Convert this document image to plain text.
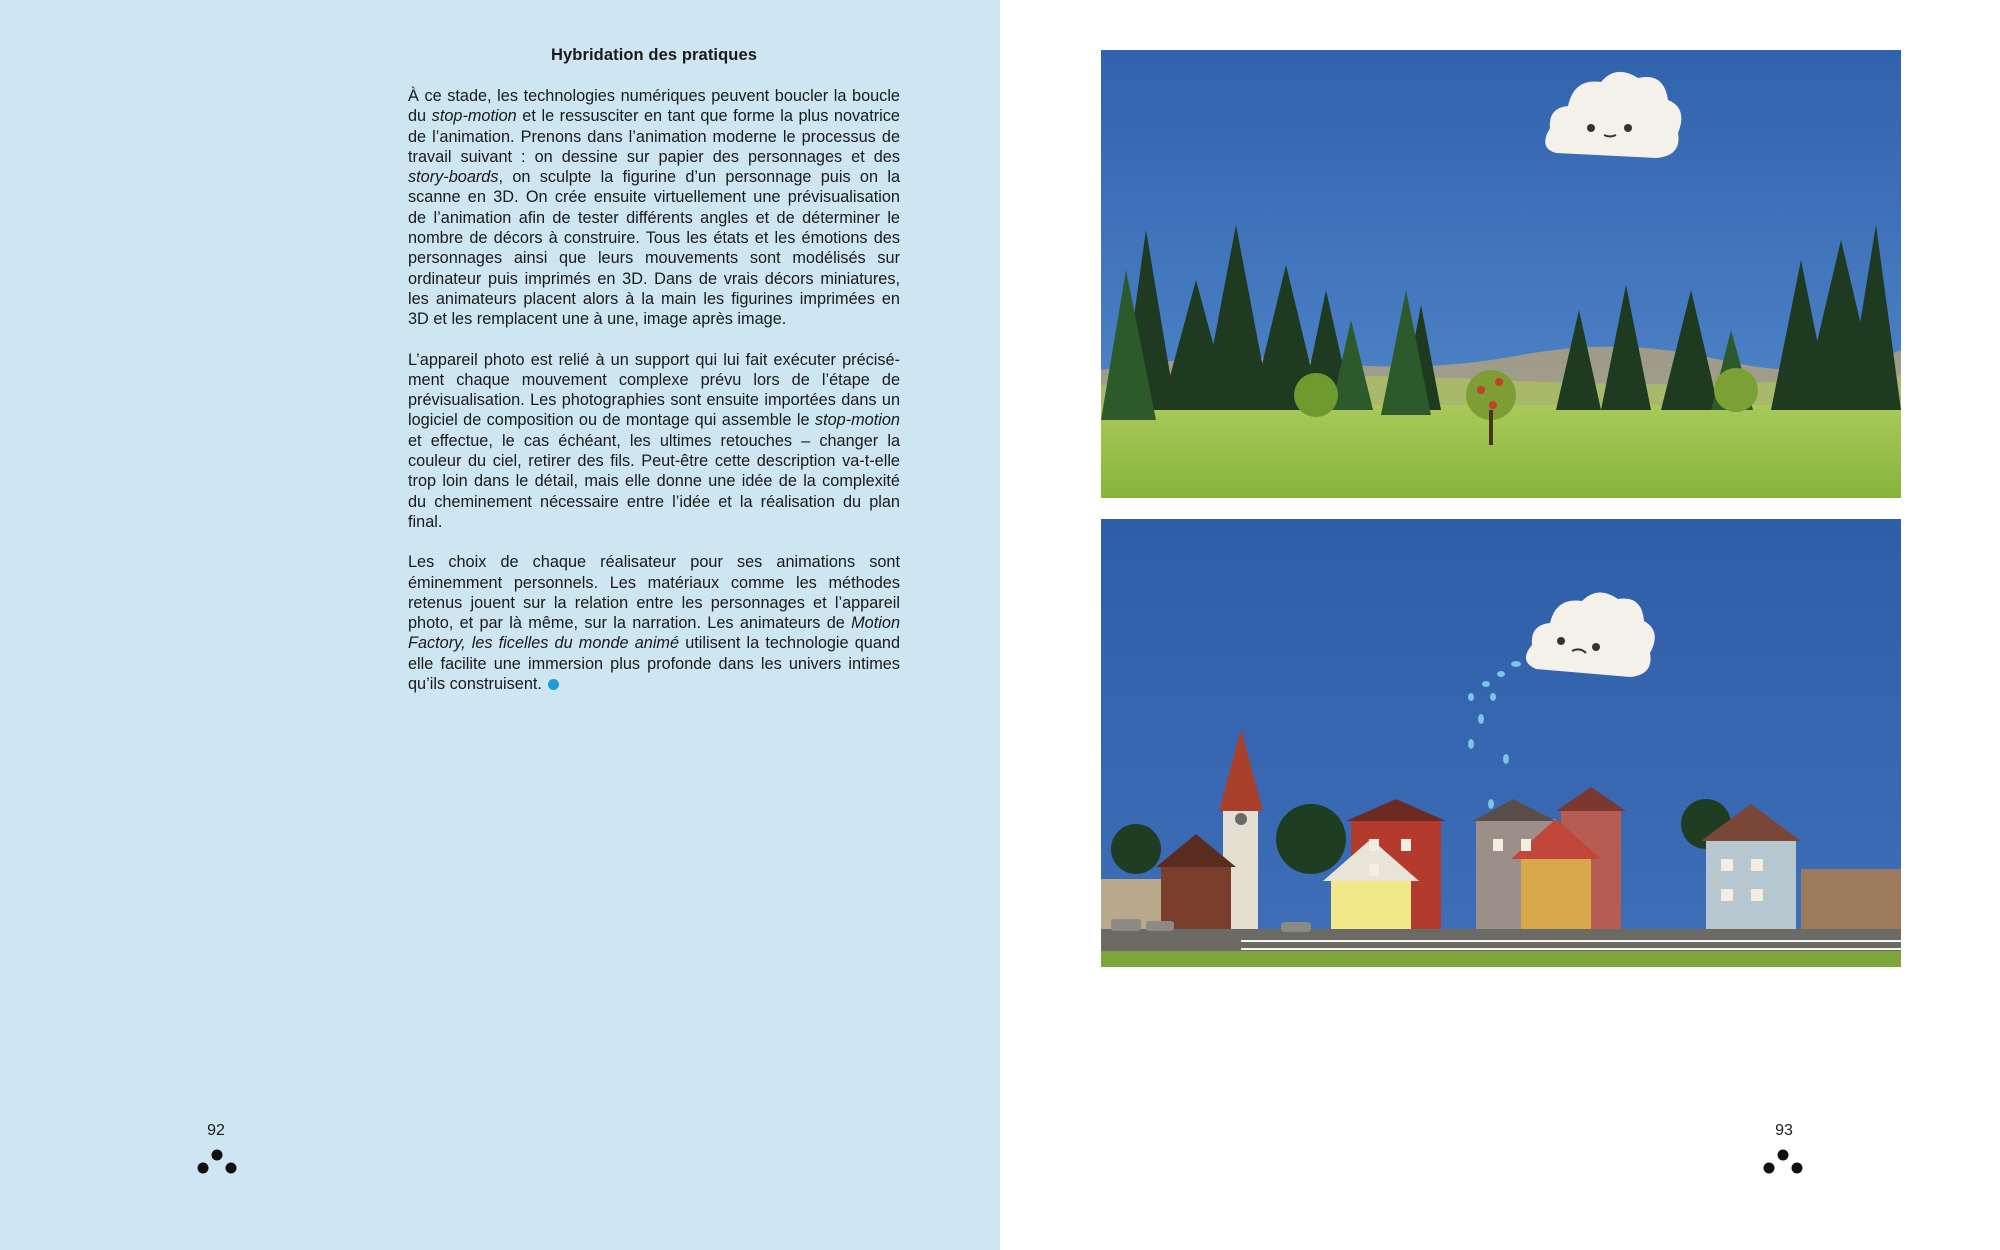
Hybridation des pratiques

À ce stade, les technologies numériques peuvent boucler la boucle du stop-motion et le ressusciter en tant que forme la plus novatrice de l’animation. Prenons dans l’animation moderne le processus de travail suivant : on dessine sur papier des personnages et des story-boards, on sculpte la figurine d’un personnage puis on la scanne en 3D. On crée ensuite virtuellement une prévisualisation de l’animation afin de tester différents angles et de déterminer le nombre de décors à construire. Tous les états et les émotions des personnages ainsi que leurs mouvements sont modélisés sur ordinateur puis imprimés en 3D. Dans de vrais décors miniatures, les animateurs placent alors à la main les figurines imprimées en 3D et les remplacent une à une, image après image.

L’appareil photo est relié à un support qui lui fait exécuter précisément chaque mouvement complexe prévu lors de l’étape de prévisualisation. Les photographies sont ensuite importées dans un logiciel de composition ou de montage qui assemble le stop-motion et effectue, le cas échéant, les ultimes retouches – changer la couleur du ciel, retirer des fils. Peut-être cette description va-t-elle trop loin dans le détail, mais elle donne une idée de la complexité du cheminement nécessaire entre l’idée et la réalisation du plan final.

Les choix de chaque réalisateur pour ses animations sont éminemment personnels. Les matériaux comme les méthodes retenus jouent sur la relation entre les personnages et l’appareil photo, et par là même, sur la narration. Les animateurs de Motion Factory, les ficelles du monde animé utilisent la technologie quand elle facilite une immersion plus profonde dans les univers intimes qu’ils construisent.

92	93
